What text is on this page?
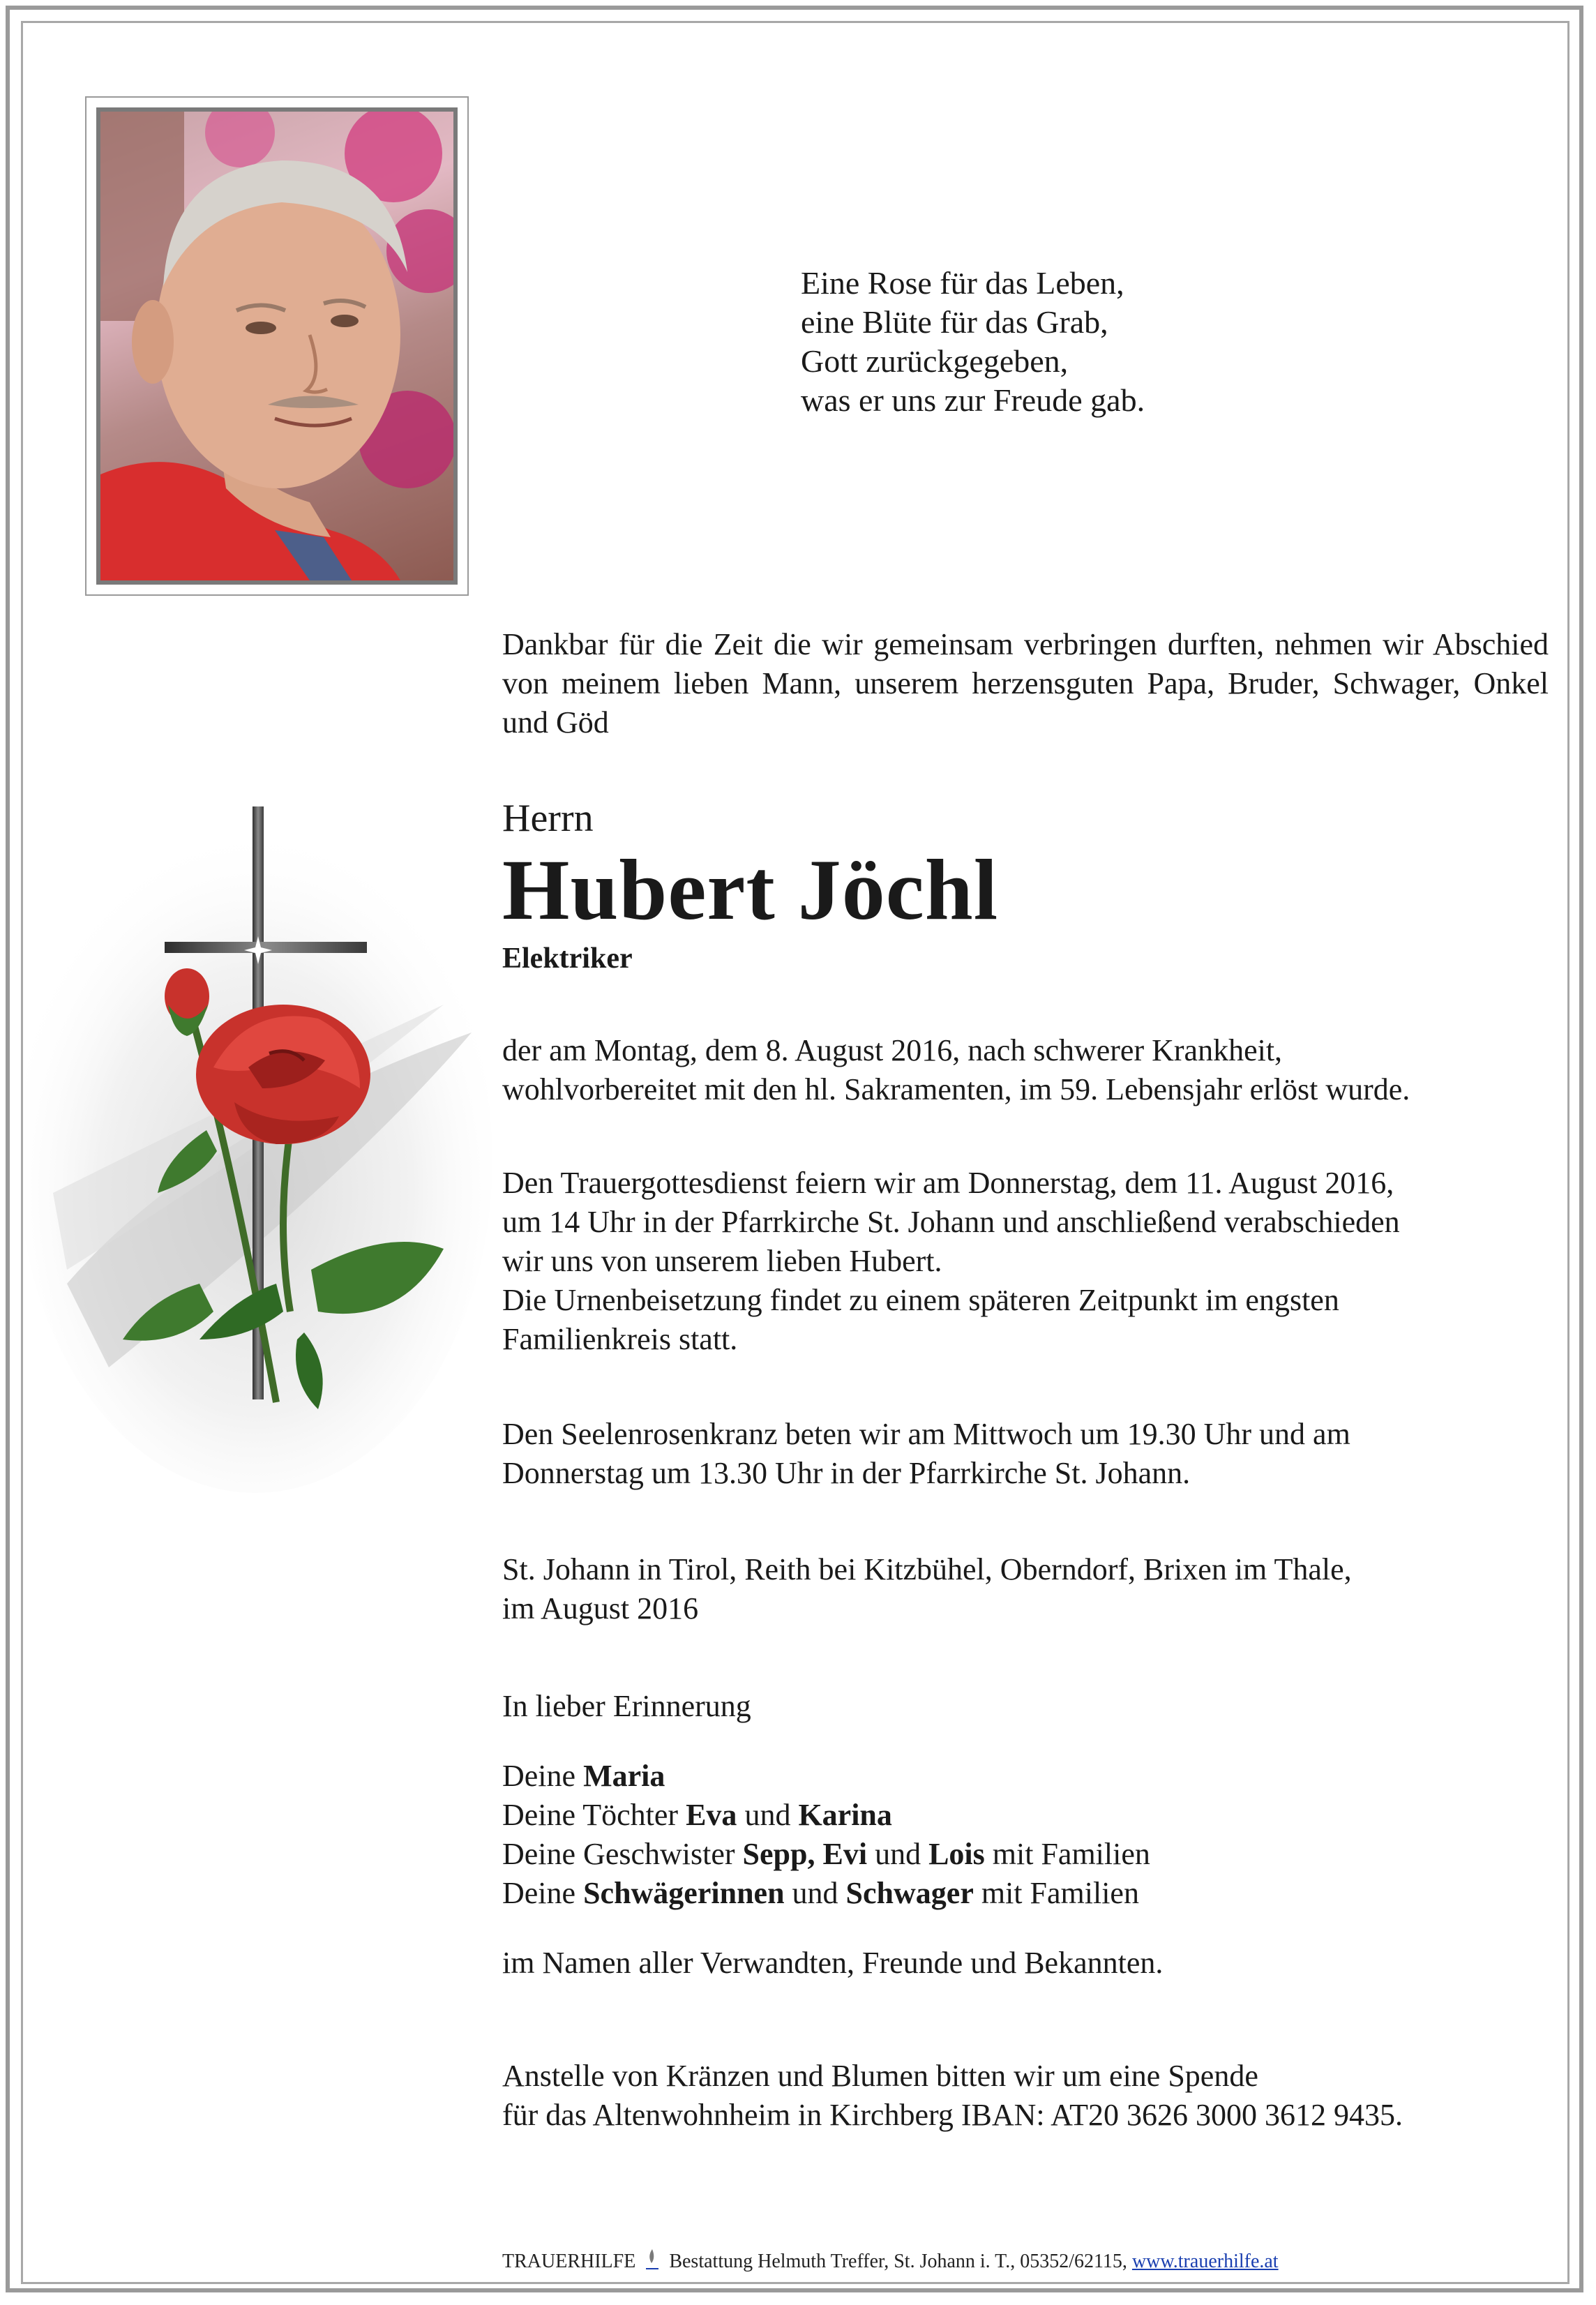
Eine Rose für das Leben,
eine Blüte für das Grab,
Gott zurückgegeben,
was er uns zur Freude gab.
Dankbar für die Zeit die wir gemeinsam verbringen durften, nehmen wir Abschied von meinem lieben Mann, unserem herzensguten Papa, Bruder, Schwager, Onkel und Göd
Herrn
Hubert Jöchl
Elektriker
der am Montag, dem 8. August 2016, nach schwerer Krankheit,
wohlvorbereitet mit den hl. Sakramenten, im 59. Lebensjahr erlöst wurde.
Den Trauergottesdienst feiern wir am Donnerstag, dem 11. August 2016,
um 14 Uhr in der Pfarrkirche St. Johann und anschließend verabschieden
wir uns von unserem lieben Hubert.
Die Urnenbeisetzung findet zu einem späteren Zeitpunkt im engsten
Familienkreis statt.
Den Seelenrosenkranz beten wir am Mittwoch um 19.30 Uhr und am
Donnerstag um 13.30 Uhr in der Pfarrkirche St. Johann.
St. Johann in Tirol, Reith bei Kitzbühel, Oberndorf, Brixen im Thale,
im August 2016
In lieber Erinnerung
Deine Maria
Deine Töchter Eva und Karina
Deine Geschwister Sepp, Evi und Lois mit Familien
Deine Schwägerinnen und Schwager mit Familien
im Namen aller Verwandten, Freunde und Bekannten.
Anstelle von Kränzen und Blumen bitten wir um eine Spende
für das Altenwohnheim in Kirchberg IBAN: AT20 3626 3000 3612 9435.
TRAUERHILFE  Bestattung Helmuth Treffer, St. Johann i. T., 05352/62115, www.trauerhilfe.at
